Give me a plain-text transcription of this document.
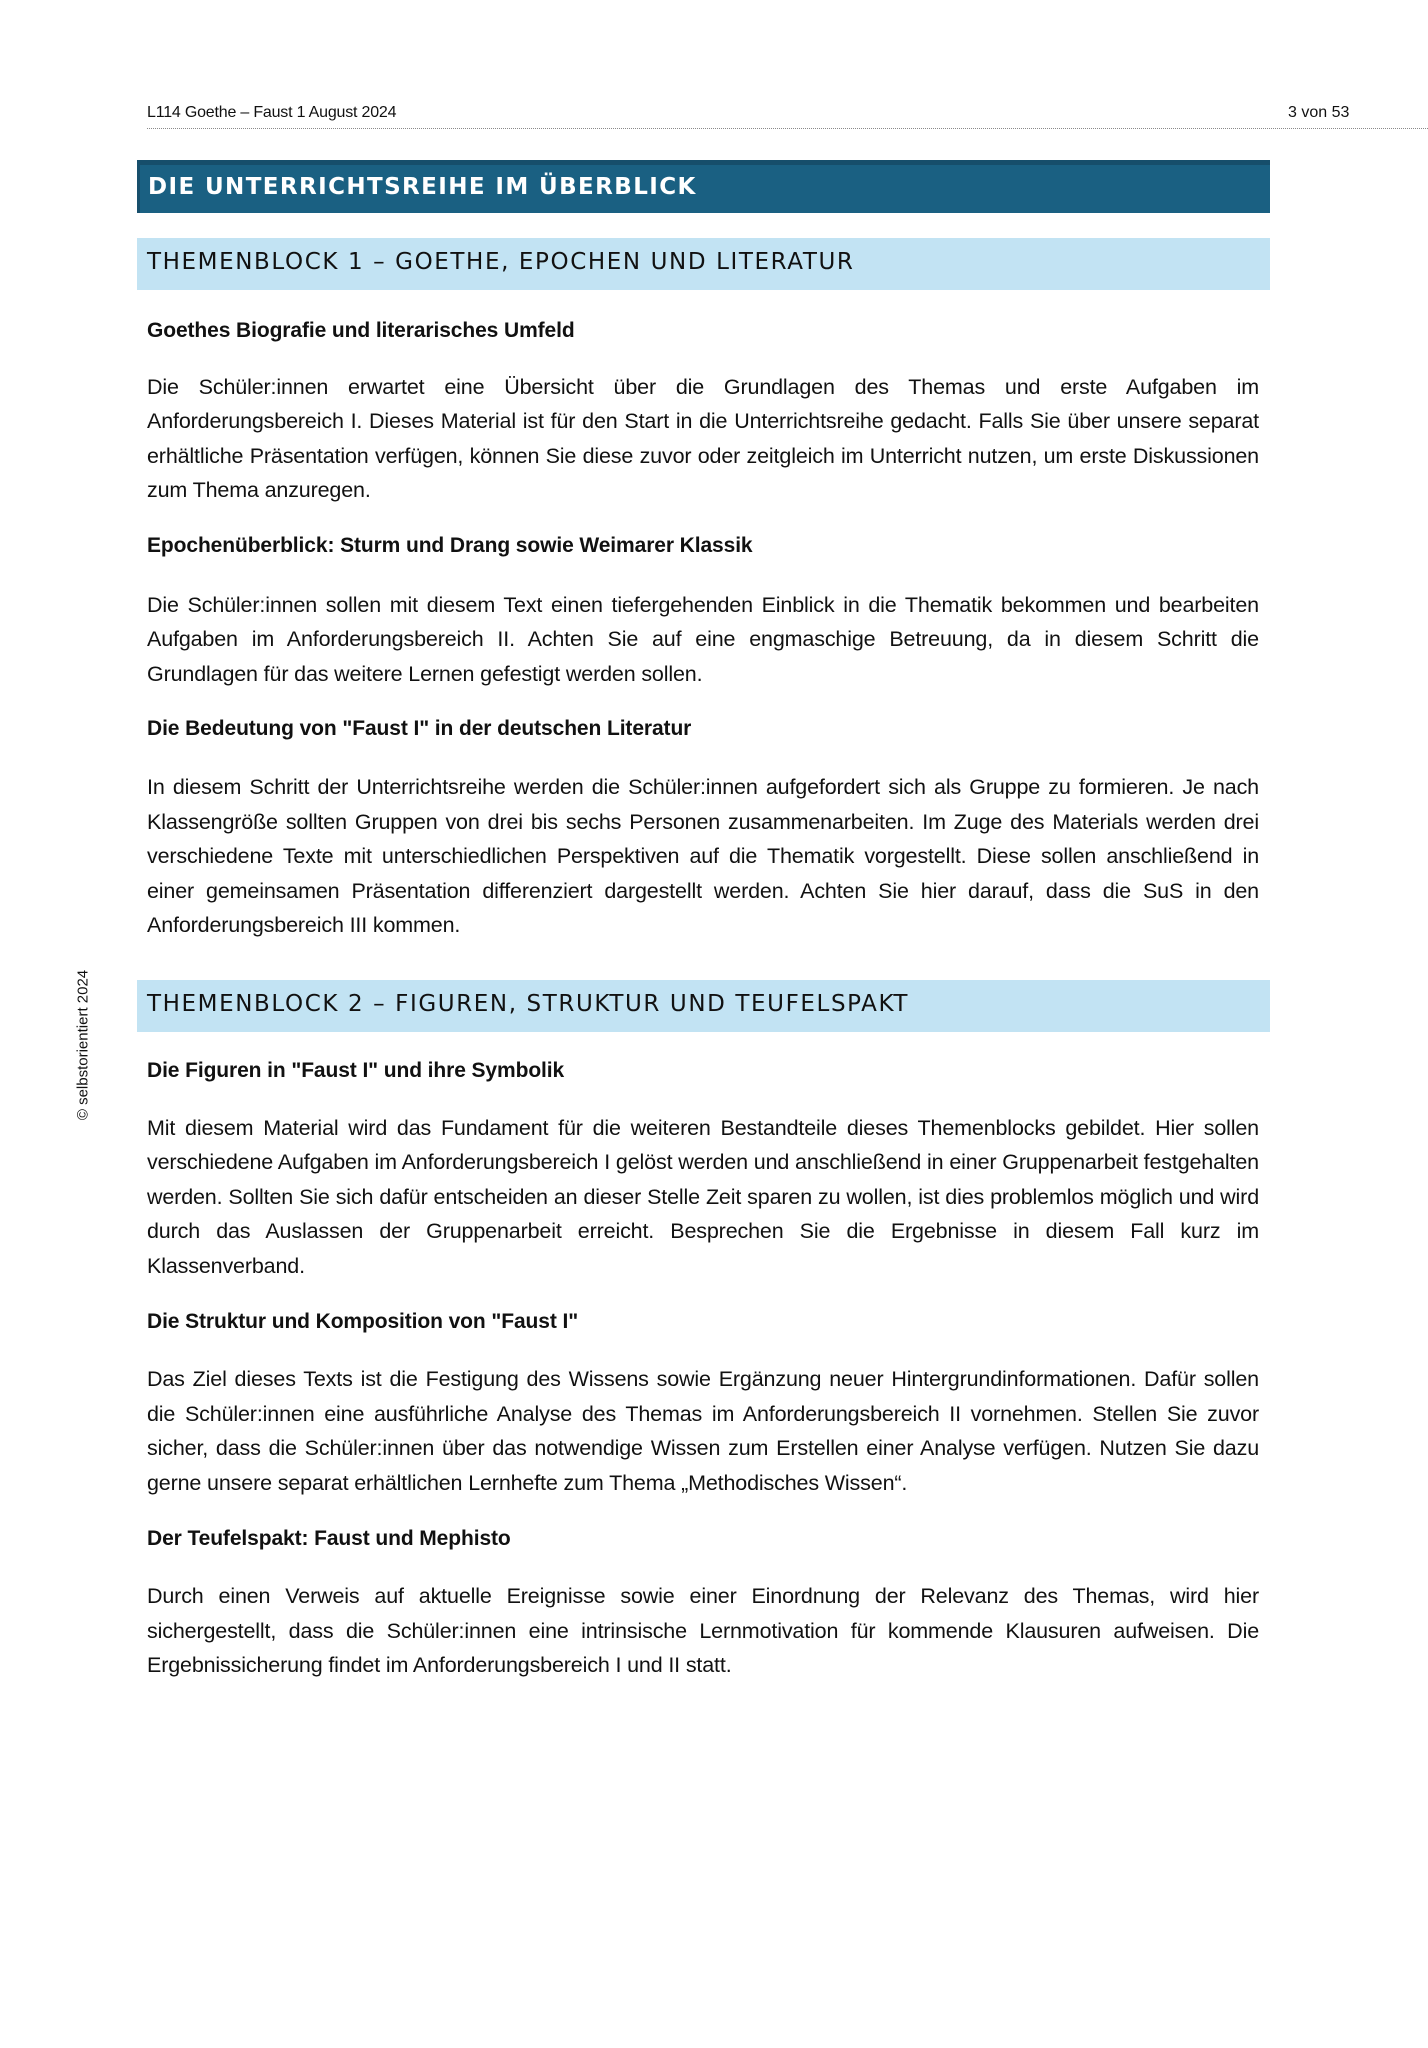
L114 Goethe – Faust 1 August 2024	3 von 53
© selbstorientiert 2024
DIE UNTERRICHTSREIHE IM ÜBERBLICK
THEMENBLOCK 1 – GOETHE, EPOCHEN UND LITERATUR
Goethes Biografie und literarisches Umfeld

Die Schüler:innen erwartet eine Übersicht über die Grundlagen des Themas und erste Aufgaben im Anforderungsbereich I. Dieses Material ist für den Start in die Unterrichtsreihe gedacht. Falls Sie über unsere separat erhältliche Präsentation verfügen, können Sie diese zuvor oder zeitgleich im Unterricht nutzen, um erste Diskussionen zum Thema anzuregen.

Epochenüberblick: Sturm und Drang sowie Weimarer Klassik

Die Schüler:innen sollen mit diesem Text einen tiefergehenden Einblick in die Thematik bekommen und bearbeiten Aufgaben im Anforderungsbereich II. Achten Sie auf eine engmaschige Betreuung, da in diesem Schritt die Grundlagen für das weitere Lernen gefestigt werden sollen.

Die Bedeutung von "Faust I" in der deutschen Literatur

In diesem Schritt der Unterrichtsreihe werden die Schüler:innen aufgefordert sich als Gruppe zu formieren. Je nach Klassengröße sollten Gruppen von drei bis sechs Personen zusammenarbeiten. Im Zuge des Materials werden drei verschiedene Texte mit unterschiedlichen Perspektiven auf die Thematik vorgestellt. Diese sollen anschließend in einer gemeinsamen Präsentation differenziert dargestellt werden. Achten Sie hier darauf, dass die SuS in den Anforderungsbereich III kommen.

THEMENBLOCK 2 – FIGUREN, STRUKTUR UND TEUFELSPAKT
Die Figuren in "Faust I" und ihre Symbolik

Mit diesem Material wird das Fundament für die weiteren Bestandteile dieses Themenblocks gebildet. Hier sollen verschiedene Aufgaben im Anforderungsbereich I gelöst werden und anschließend in einer Gruppenarbeit festgehalten werden. Sollten Sie sich dafür entscheiden an dieser Stelle Zeit sparen zu wollen, ist dies problemlos möglich und wird durch das Auslassen der Gruppenarbeit erreicht. Besprechen Sie die Ergebnisse in diesem Fall kurz im Klassenverband.

Die Struktur und Komposition von "Faust I"

Das Ziel dieses Texts ist die Festigung des Wissens sowie Ergänzung neuer Hintergrundinformationen. Dafür sollen die Schüler:innen eine ausführliche Analyse des Themas im Anforderungsbereich II vornehmen. Stellen Sie zuvor sicher, dass die Schüler:innen über das notwendige Wissen zum Erstellen einer Analyse verfügen. Nutzen Sie dazu gerne unsere separat erhältlichen Lernhefte zum Thema „Methodisches Wissen“.

Der Teufelspakt: Faust und Mephisto

Durch einen Verweis auf aktuelle Ereignisse sowie einer Einordnung der Relevanz des Themas, wird hier sichergestellt, dass die Schüler:innen eine intrinsische Lernmotivation für kommende Klausuren aufweisen. Die Ergebnissicherung findet im Anforderungsbereich I und II statt.
